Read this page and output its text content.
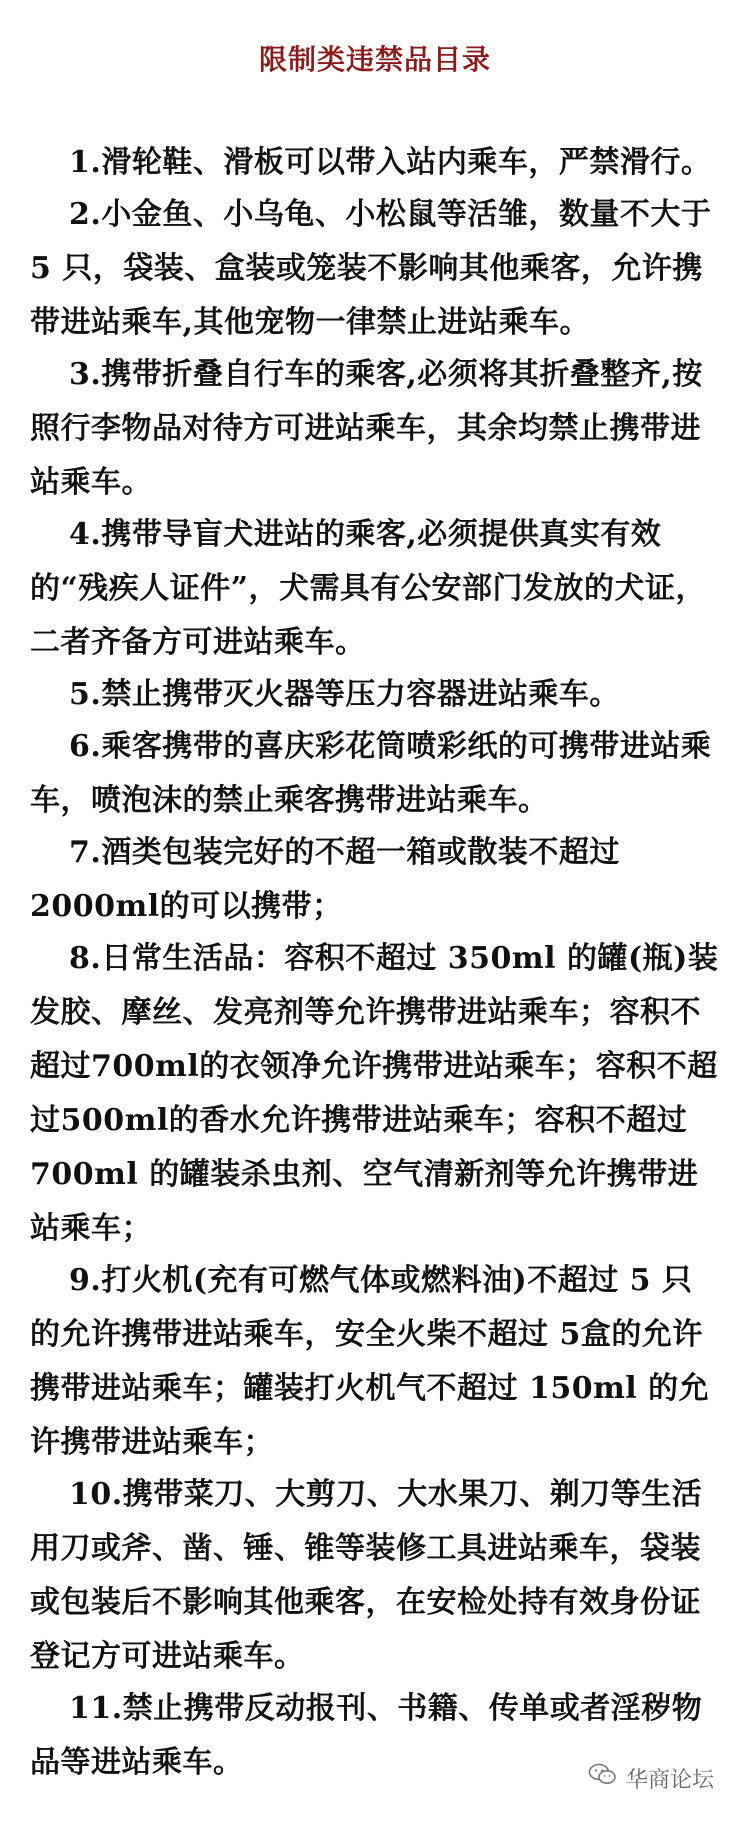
限制类违禁品目录

1.滑轮鞋、滑板可以带入站内乘车，严禁滑行。

2.小金鱼、小乌龟、小松鼠等活雏，数量不大于 5 只，袋装、盒装或笼装不影响其他乘客，允许携带进站乘车,其他宠物一律禁止进站乘车。

3.携带折叠自行车的乘客,必须将其折叠整齐,按照行李物品对待方可进站乘车，其余均禁止携带进站乘车。

4.携带导盲犬进站的乘客,必须提供真实有效的“残疾人证件”，犬需具有公安部门发放的犬证，二者齐备方可进站乘车。

5.禁止携带灭火器等压力容器进站乘车。

6.乘客携带的喜庆彩花筒喷彩纸的可携带进站乘车，喷泡沫的禁止乘客携带进站乘车。

7.酒类包装完好的不超一箱或散装不超过 2000ml的可以携带；

8.日常生活品：容积不超过 350ml 的罐(瓶)装发胶、摩丝、发亮剂等允许携带进站乘车；容积不超过700ml的衣领净允许携带进站乘车；容积不超过500ml的香水允许携带进站乘车；容积不超过 700ml 的罐装杀虫剂、空气清新剂等允许携带进站乘车；

9.打火机(充有可燃气体或燃料油)不超过 5 只的允许携带进站乘车，安全火柴不超过 5盒的允许携带进站乘车；罐装打火机气不超过 150ml 的允许携带进站乘车；

10.携带菜刀、大剪刀、大水果刀、剃刀等生活用刀或斧、凿、锤、锥等装修工具进站乘车，袋装或包装后不影响其他乘客，在安检处持有效身份证登记方可进站乘车。

11.禁止携带反动报刊、书籍、传单或者淫秽物品等进站乘车。	华商论坛
